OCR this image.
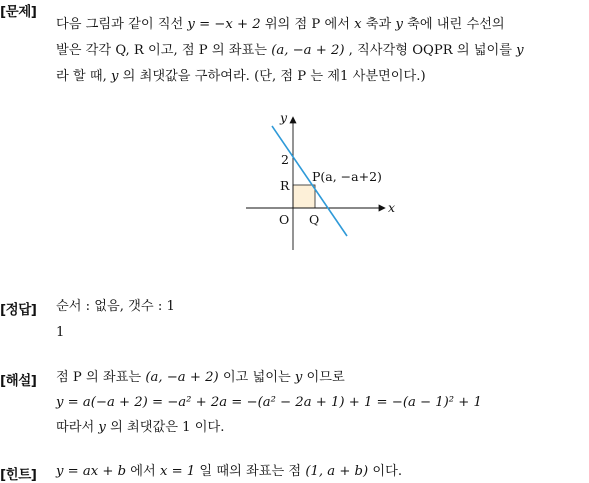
[문제]
다음 그림과 같이 직선 y = −x + 2 위의 점 P 에서 x 축과 y 축에 내린 수선의
발은 각각 Q, R 이고, 점 P 의 좌표는 (a, −a + 2) , 직사각형 OQPR 의 넓이를 y
라 할 때, y 의 최댓값을 구하여라. (단, 점 P 는 제1 사분면이다.)
y
x
2
R
P(a, −a+2)
O Q
[정답] 순서 : 없음, 갯수 : 1
1
[해설] 점 P 의 좌표는 (a, −a + 2) 이고 넓이는 y 이므로
y = a(−a + 2) = −a² + 2a = −(a² − 2a + 1) + 1 = −(a − 1)² + 1
따라서 y 의 최댓값은 1 이다.
[힌트] y = ax + b 에서 x = 1 일 때의 좌표는 점 (1, a + b) 이다.
